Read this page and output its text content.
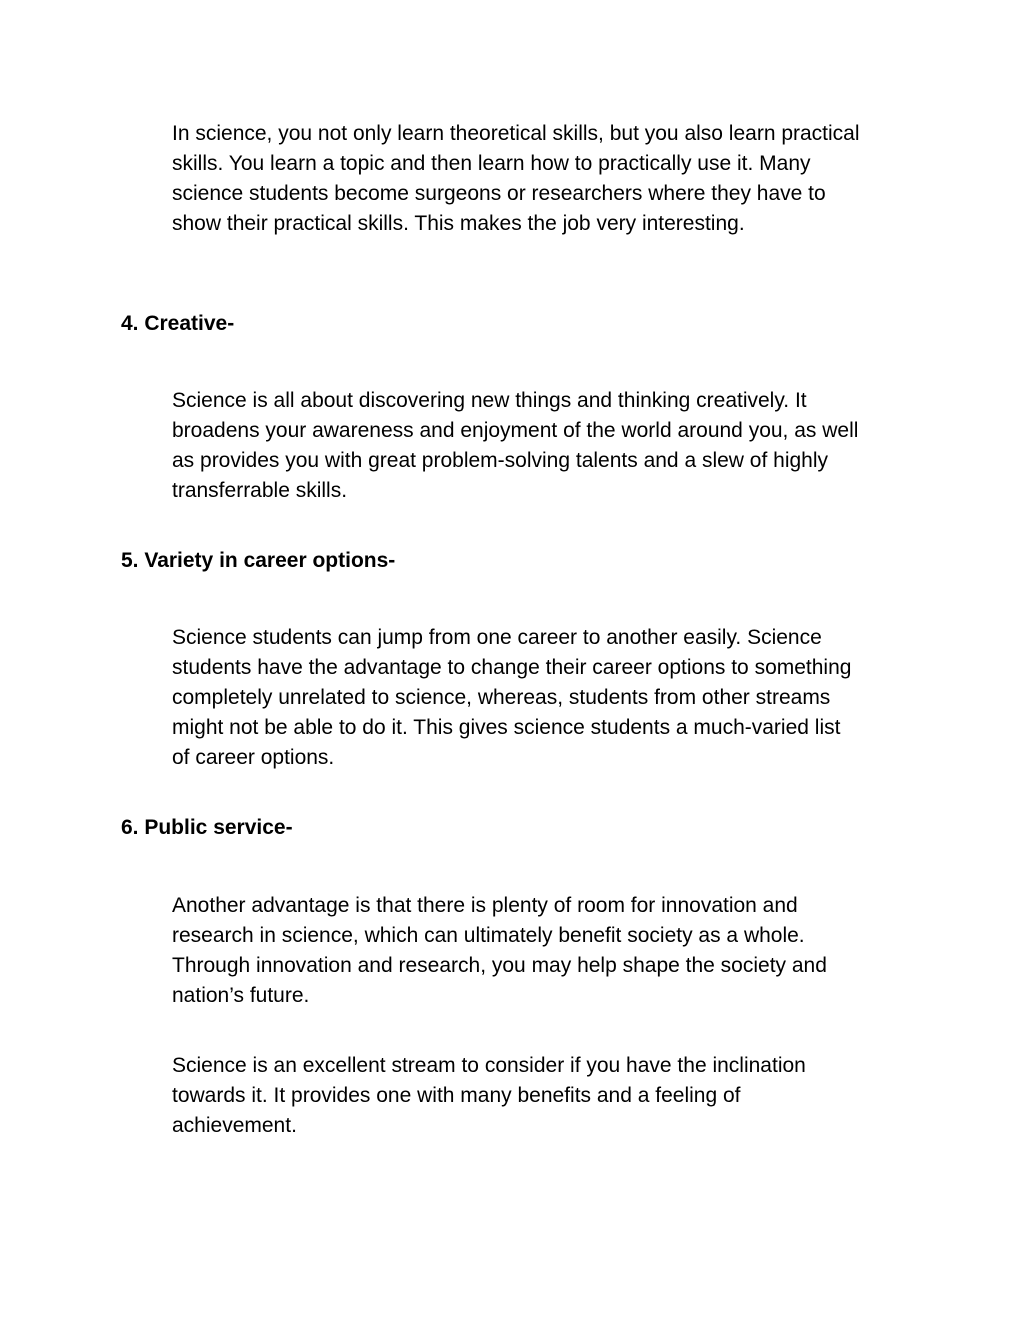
In science, you not only learn theoretical skills, but you also learn practical skills. You learn a topic and then learn how to practically use it. Many science students become surgeons or researchers where they have to show their practical skills. This makes the job very interesting.

4. Creative-

Science is all about discovering new things and thinking creatively. It broadens your awareness and enjoyment of the world around you, as well as provides you with great problem-solving talents and a slew of highly transferrable skills.

5. Variety in career options-

Science students can jump from one career to another easily. Science students have the advantage to change their career options to something completely unrelated to science, whereas, students from other streams might not be able to do it. This gives science students a much-varied list of career options.

6. Public service-

Another advantage is that there is plenty of room for innovation and research in science, which can ultimately benefit society as a whole. Through innovation and research, you may help shape the society and nation’s future.

Science is an excellent stream to consider if you have the inclination towards it. It provides one with many benefits and a feeling of achievement.
